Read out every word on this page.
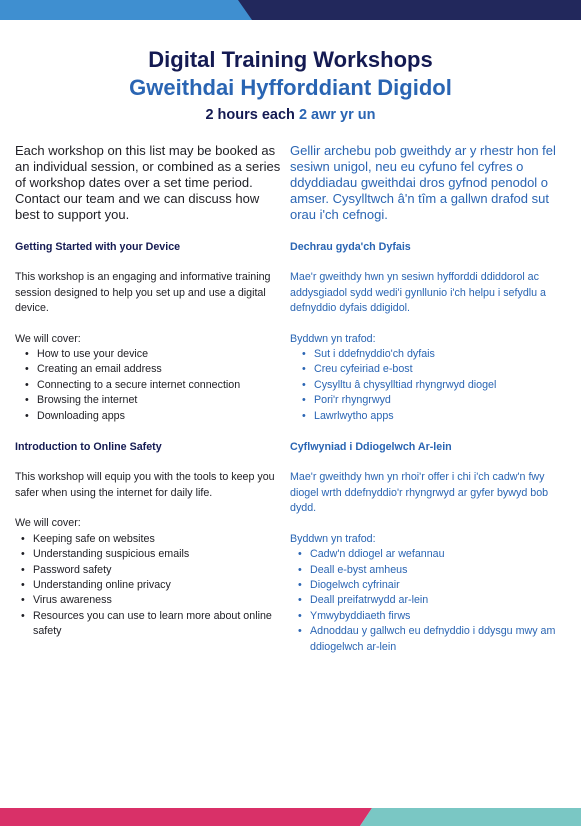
Digital Training Workshops
Gweithdai Hyfforddiant Digidol
2 hours each 2 awr yr un

Each workshop on this list may be booked as an individual session, or combined as a series of workshop dates over a set time period. Contact our team and we can discuss how best to support you.

Getting Started with your Device

This workshop is an engaging and informative training session designed to help you set up and use a digital device.

We will cover:

• How to use your device
• Creating an email address
• Connecting to a secure internet connection
• Browsing the internet
• Downloading apps

Introduction to Online Safety

This workshop will equip you with the tools to keep you safer when using the internet for daily life.

We will cover:

• Keeping safe on websites
• Understanding suspicious emails
• Password safety
• Understanding online privacy
• Virus awareness
• Resources you can use to learn more about online safety

Gellir archebu pob gweithdy ar y rhestr hon fel sesiwn unigol, neu eu cyfuno fel cyfres o ddyddiadau gweithdai dros gyfnod penodol o amser. Cysylltwch â'n tîm a gallwn drafod sut orau i'ch cefnogi.

Dechrau gyda'ch Dyfais

Mae'r gweithdy hwn yn sesiwn hyfforddi ddiddorol ac addysgiadol sydd wedi'i gynllunio i'ch helpu i sefydlu a defnyddio dyfais ddigidol.

Byddwn yn trafod:

• Sut i ddefnyddio'ch dyfais
• Creu cyfeiriad e-bost
• Cysylltu â chysylltiad rhyngrwyd diogel
• Pori'r rhyngrwyd
• Lawrlwytho apps

Cyflwyniad i Ddiogelwch Ar-lein

Mae'r gweithdy hwn yn rhoi'r offer i chi i'ch cadw'n fwy diogel wrth ddefnyddio'r rhyngrwyd ar gyfer bywyd bob dydd.

Byddwn yn trafod:

• Cadw'n ddiogel ar wefannau
• Deall e-byst amheus
• Diogelwch cyfrinair
• Deall preifatrwydd ar-lein
• Ymwybyddiaeth firws
• Adnoddau y gallwch eu defnyddio i ddysgu mwy am ddiogelwch ar-lein
